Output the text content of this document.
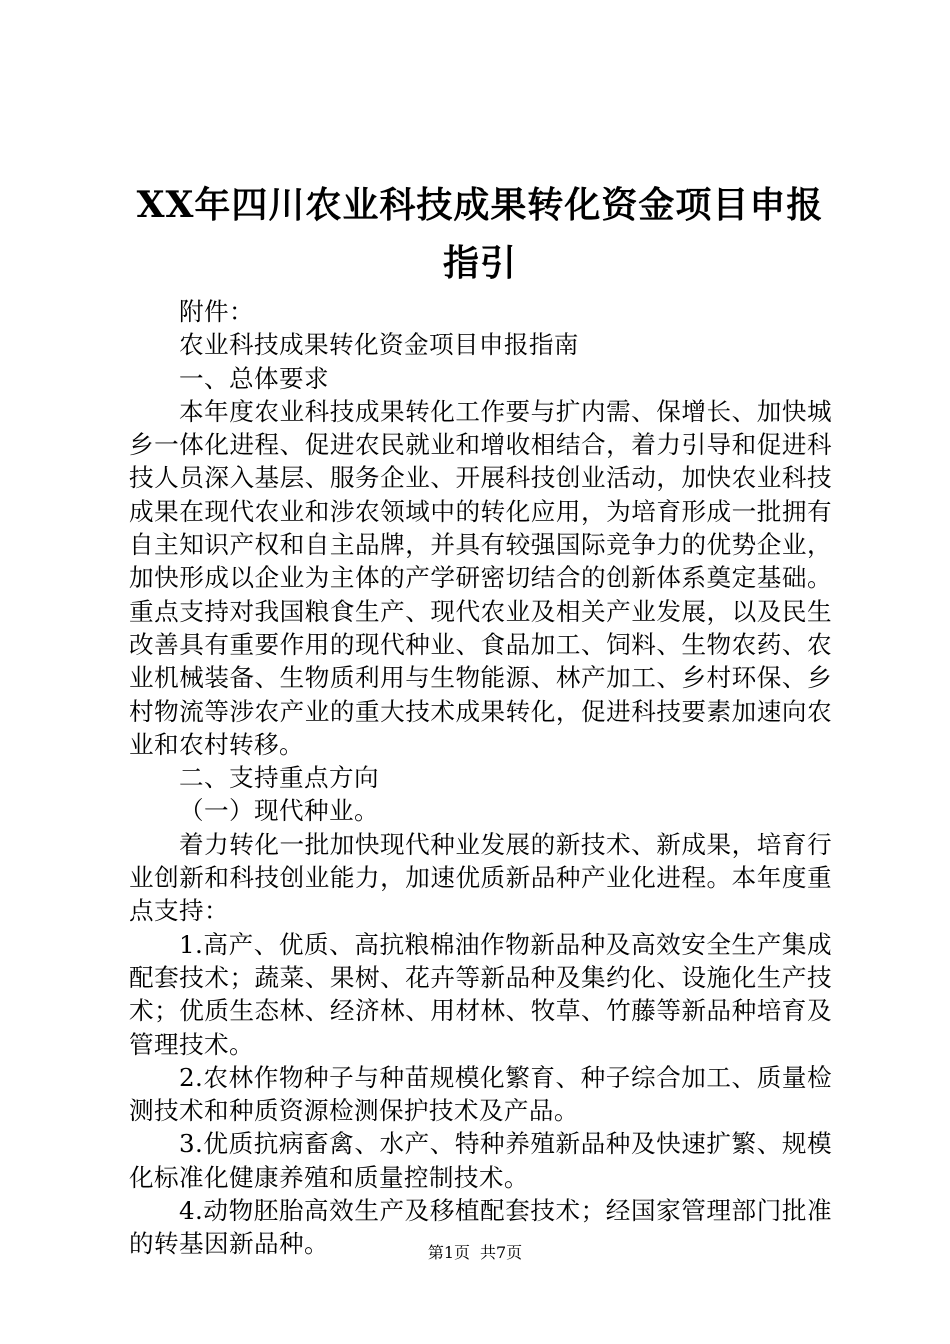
XX年四川农业科技成果转化资金项目申报指引

附件：

农业科技成果转化资金项目申报指南

一、总体要求

本年度农业科技成果转化工作要与扩内需、保增长、加快城乡一体化进程、促进农民就业和增收相结合，着力引导和促进科技人员深入基层、服务企业、开展科技创业活动，加快农业科技成果在现代农业和涉农领域中的转化应用，为培育形成一批拥有自主知识产权和自主品牌，并具有较强国际竞争力的优势企业，加快形成以企业为主体的产学研密切结合的创新体系奠定基础。重点支持对我国粮食生产、现代农业及相关产业发展，以及民生改善具有重要作用的现代种业、食品加工、饲料、生物农药、农业机械装备、生物质利用与生物能源、林产加工、乡村环保、乡村物流等涉农产业的重大技术成果转化，促进科技要素加速向农业和农村转移。

二、支持重点方向

（一）现代种业。

着力转化一批加快现代种业发展的新技术、新成果，培育行业创新和科技创业能力，加速优质新品种产业化进程。本年度重点支持：

1.高产、优质、高抗粮棉油作物新品种及高效安全生产集成配套技术；蔬菜、果树、花卉等新品种及集约化、设施化生产技术；优质生态林、经济林、用材林、牧草、竹藤等新品种培育及管理技术。

2.农林作物种子与种苗规模化繁育、种子综合加工、质量检测技术和种质资源检测保护技术及产品。

3.优质抗病畜禽、水产、特种养殖新品种及快速扩繁、规模化标准化健康养殖和质量控制技术。

4.动物胚胎高效生产及移植配套技术；经国家管理部门批准的转基因新品种。	第1页 共7页
